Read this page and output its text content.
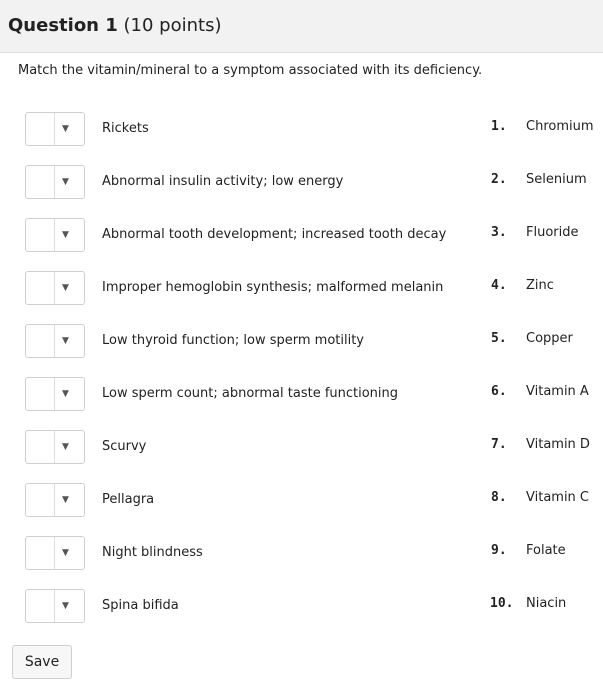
Question 1 (10 points)
Match the vitamin/mineral to a symptom associated with its deficiency.
▼	Rickets	1.	Chromium
▼	Abnormal insulin activity; low energy	2.	Selenium
▼	Abnormal tooth development; increased tooth decay	3.	Fluoride
▼	Improper hemoglobin synthesis; malformed melanin	4.	Zinc
▼	Low thyroid function; low sperm motility	5.	Copper
▼	Low sperm count; abnormal taste functioning	6.	Vitamin A
▼	Scurvy	7.	Vitamin D
▼	Pellagra	8.	Vitamin C
▼	Night blindness	9.	Folate
▼	Spina bifida	10. Niacin
Save
